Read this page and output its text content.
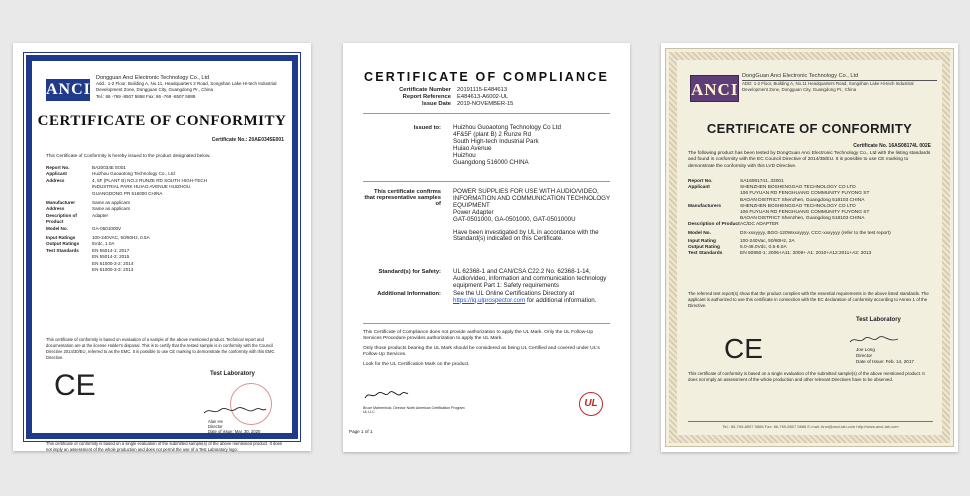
ANCI
Dongguan Anci Electronic Technology Co., Ltd
Add.: 1-2 Floor, Building A, No.11, Headquarters 2 Road, Songshan Lake Hi-tech Industrial Development Zone, Dongguan City, Guangdong Pr., China
Tel.: 86 -769 -8507 5868 Fax: 86 -769 -8507 5888
CERTIFICATE OF CONFORMITY
Certificate No.: 20AE0345E001
This Certificate of Conformity is hereby issued to the product designated below.
Report No.	BA20034E E001
Applicant	Huizhou Guoaotong Technology Co., Ltd
Address	4, 5F (PLANT B) NO.2 RUNZE RD SOUTH HIGH-TECH
INDUSTRIAL PARK HUIAO AVENUE HUIZHOU
GUANGDONG PR 516000 CHINA
Manufacturer	Same as applicant
Address	Same as applicant
Description of Product
Adapter
Model No.	GA-0501000V
Input Ratings	100-240VAC, 50/60Hz, 0.5A
Output Ratings	5Vdc, 1.0A
Test Standards	EN 55014-1: 2017
EN 55014-2: 2015
EN 61000-3-2: 2014
EN 61000-3-3: 2013
This certificate of conformity is based on evaluation of a sample of the above mentioned product. Technical report and documentation are at the license Holder's disposal. This is to certify that the tested sample is in conformity with the Council Directive 2014/30/EU, referred to as the EMC. It is possible to use CE marking to demonstrate the conformity with this EMC Directive.
CE	Test Laboratory
Alan He
Director
Date of issue: Mar. 30, 2020
This certificate of conformity is based on a single evaluation of the submitted sample(s) of the above mentioned product. It does not imply an assessment of the whole production and does not permit the use of a Test Laboratory logo.
CERTIFICATE OF COMPLIANCE
Certificate Number	20191115-E484613
Report Reference	E484613-A6002-UL
Issue Date	2019-NOVEMBER-15
Issued to:	Huizhou Guoaotong Technology Co Ltd
4F&5F (plant B) 2 Runze Rd
South High-tech Industrial Park
Huiao Avenue
Huizhou
Guangdong 516000 CHINA
This certificate confirms that representative samples of
POWER SUPPLIES FOR USE WITH AUDIO/VIDEO, INFORMATION AND COMMUNICATION TECHNOLOGY EQUIPMENT
Power Adapter
GAT-0501000, GA-0501000, GAT-0501000U
Have been investigated by UL in accordance with the Standard(s) indicated on this Certificate.
Standard(s) for Safety:	UL 62368-1 and CAN/CSA C22.2 No. 62368-1-14, Audio/video, information and communication technology equipment Part 1: Safety requirements
Additional Information:	See the UL Online Certifications Directory at
https://iq.ulprospector.com for additional information.
This Certificate of Compliance does not provide authorization to apply the UL Mark. Only the UL Follow-Up Services Procedure provides authorization to apply the UL Mark.
Only those products bearing the UL Mark should be considered as being UL Certified and covered under UL's Follow-Up Services.
Look for the UL Certification Mark on the product.
Bruce Mahrenholz, Director North American Certification Program
UL LLC
UL
Page 1 of 1
ANCI
DongGuan Anci Electronic Technology Co., Ltd
ADD: 1-2 Floor, Building A, No.11 Headquarters Road, Songshan Lake Hi-tech Industrial Development Zone, Dongguan City, Guangdong Pr., China
CERTIFICATE OF CONFORMITY
Certificate No. 16AS08174L 002E
The following product has been tested by DongGuan Anci Electronic Technology Co., Ltd with the listing standards and found in conformity with the EC Council Directive of 2014/35/EU. It is possible to use CE marking to demonstrate the conformity with this LVD Directive.
Report No.	SA16081741. 32001
Applicant	SHENZHEN BOSHENGGAO TECHNOLOGY CO LTD
106 FUYUAN RD FENGHUANG COMMUNITY FUYONG ST
BAOAN DISTRICT Shenzhen, Guangdong 518103 CHINA
Manufacturers	SHENZHEN BOSHENGGAO TECHNOLOGY CO LTD
106 FUYUAN RD FENGHUANG COMMUNITY FUYONG ST
BAOAN DISTRICT Shenzhen, Guangdong 518103 CHINA
Description of Product AC/DC ADAPTER
Model No.	DX-xxxyyyy, BGG-120Wxxxyyyy, CCC-xxxyyyy (refer to the test report)
Input Rating	100-240Vac, 50/60Hz, 2A
Output Rating	5.0-48.0Vdc, 0.5-8.0A
Test Standards	EN 60950-1: 2006+A11: 2009+ A1: 2010+A12:2011+A2: 2013
The referred test report(s) show that the product complies with the essential requirements in the above listed standards. The applicant is authorized to use this certificate in connection with the EC declaration of conformity according to Annex 1 of the Directive.
Test Laboratory
CE	Joe Long
Director
Date of Issue: Feb. 14, 2017
This certificate of conformity is based on a single evaluation of the submitted sample(s) of the above mentioned product. It does not imply an assessment of the whole production and other relevant Directives have to be observed.
Tel.: 86-769-8507 5868 Fax: 86-769-8507 5888 E-mail: Anci@anci-lab.com http://www.anci-lab.com
